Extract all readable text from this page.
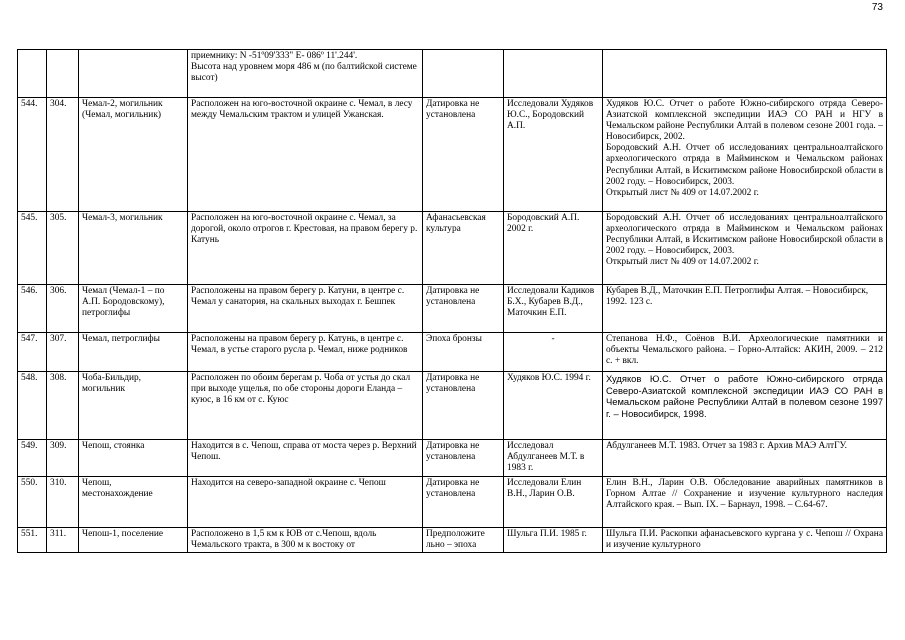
73

			приемнику: N -51º09'333" E- 086º 11'.244'.
Высота над уровнем моря 486 м (по балтийской системе высот)			

544.	304.	Чемал-2, могильник (Чемал, могильник)	Расположен на юго-восточной окраине с. Чемал, в лесу между Чемальским трактом и улицей Ужанская.	Датировка не установлена	Исследовали Худяков Ю.С., Бородовский А.П.	Худяков Ю.С. Отчет о работе Южно-сибирского отряда Северо-Азиатской комплексной экспедиции ИАЭ СО РАН и НГУ в Чемальском районе Республики Алтай в полевом сезоне 2001 года. – Новосибирск, 2002.
Бородовский А.Н. Отчет об исследованиях центральноалтайского археологического отряда в Майминском и Чемальском районах Республики Алтай, в Искитимском районе Новосибирской области в 2002 году. – Новосибирск, 2003.
Открытый лист № 409 от 14.07.2002 г.
545.	305.	Чемал-3, могильник	Расположен на юго-восточной окраине с. Чемал, за дорогой, около отрогов г. Крестовая, на правом берегу р. Катунь	Афанасьевская культура	Бородовский А.П. 2002 г.	Бородовский А.Н. Отчет об исследованиях центральноалтайского археологического отряда в Майминском и Чемальском районах Республики Алтай, в Искитимском районе Новосибирской области в 2002 году. – Новосибирск, 2003.
Открытый лист № 409 от 14.07.2002 г.
546.	306.	Чемал (Чемал-1 – по А.П. Бородовскому), петроглифы	Расположены на правом берегу р. Катуни, в центре с. Чемал у санатория, на скальных выходах г. Бешпек	Датировка не установлена	Исследовали Кадиков Б.Х., Кубарев В.Д., Маточкин Е.П.	Кубарев В.Д., Маточкин Е.П. Петроглифы Алтая. – Новосибирск, 1992. 123 с.
547.	307.	Чемал, петроглифы	Расположены на правом берегу р. Катунь, в центре с. Чемал, в устье старого русла р. Чемал, ниже родников	Эпоха бронзы	-	Степанова Н.Ф., Соёнов В.И. Археологические памятники и объекты Чемальского района. – Горно-Алтайск: АКИН, 2009. – 212 с. + вкл.
548.	308.	Чоба-Бильдир, могильник	Расположен по обоим берегам р. Чоба от устья до скал при выходе ущелья, по обе стороны дороги Еланда – куюс, в 16 км от с. Куюс	Датировка не установлена	Худяков Ю.С. 1994 г.	Худяков Ю.С. Отчет о работе Южно-сибирского отряда Северо-Азиатской комплексной экспедиции ИАЭ СО РАН в Чемальском районе Республики Алтай в полевом сезоне 1997 г. – Новосибирск, 1998.
549.	309.	Чепош, стоянка	Находится в с. Чепош, справа от моста через р. Верхний Чепош.	Датировка не установлена	Исследовал Абдулганеев М.Т. в 1983 г.	Абдулганеев М.Т. 1983. Отчет за 1983 г. Архив МАЭ АлтГУ.
550.	310.	Чепош, местонахождение	Находится на северо-западной окраине с. Чепош	Датировка не установлена	Исследовали Елин В.Н., Ларин О.В.	Елин В.Н., Ларин О.В. Обследование аварийных памятников в Горном Алтае // Сохранение и изучение культурного наследия Алтайского края. – Вып. IX. – Барнаул, 1998. – С.64-67.
551.	311.	Чепош-1, поселение	Расположено в 1,5 км к ЮВ от с.Чепош, вдоль Чемальского тракта, в 300 м к востоку от	Предположите льно – эпоха	Шульга П.И. 1985 г.	Шульга П.И. Раскопки афанасьевского кургана у с. Чепош // Охрана и изучение культурного
